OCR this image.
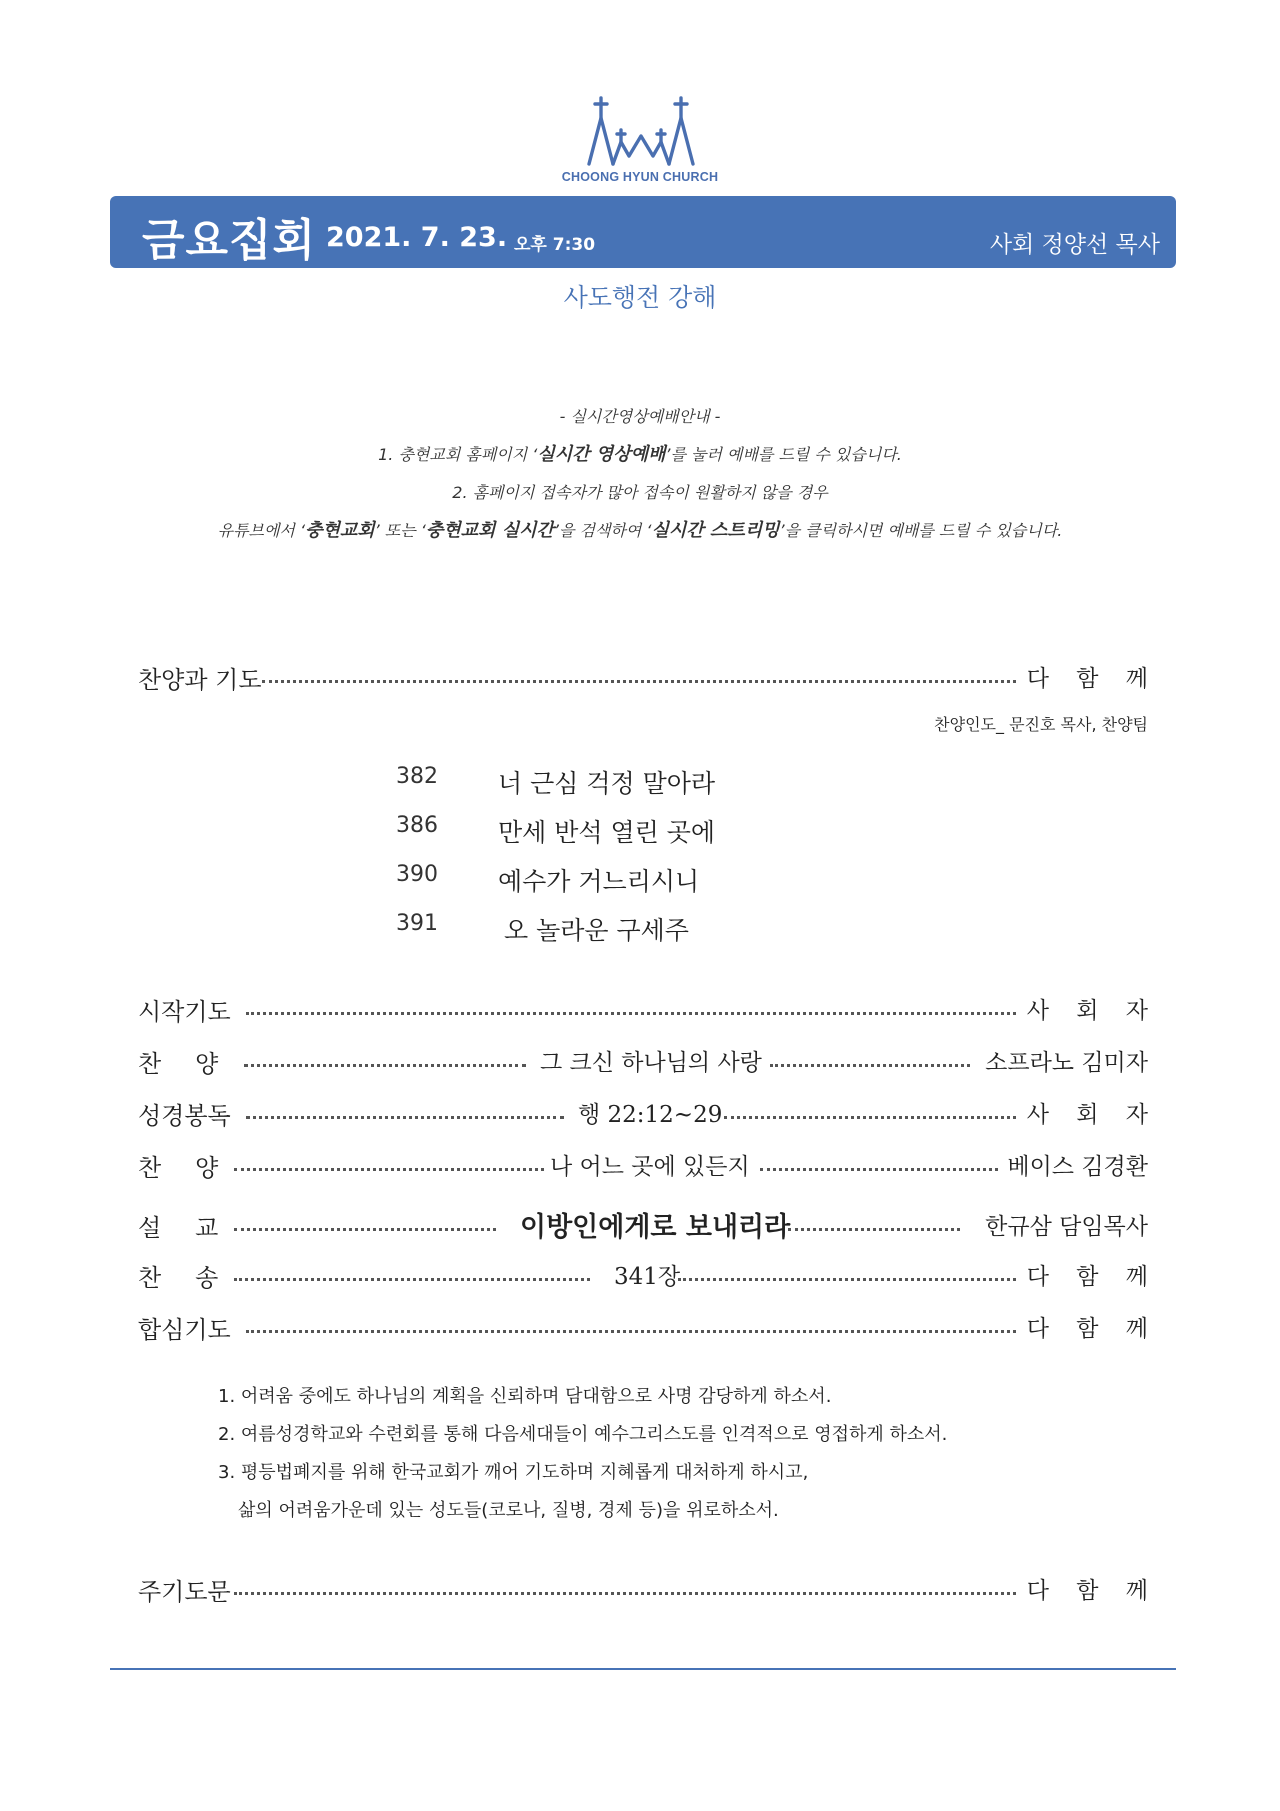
CHOONG HYUN CHURCH
금요집회 2021. 7. 23. 오후 7:30	사회 정양선 목사
사도행전 강해
- 실시간영상예배안내 -
1. 충현교회 홈페이지 ‘실시간 영상예배’를 눌러 예배를 드릴 수 있습니다.
2. 홈페이지 접속자가 많아 접속이 원활하지 않을 경우
유튜브에서 ‘충현교회’ 또는 ‘충현교회 실시간’을 검색하여 ‘실시간 스트리밍’을 클릭하시면 예배를 드릴 수 있습니다.
찬양과 기도	다 함 께
찬양인도_ 문진호 목사, 찬양팀
382 너 근심 걱정 말아라
386 만세 반석 열린 곳에
390 예수가 거느리시니
391	오 놀라운 구세주
시작기도	사 회 자
찬양	그 크신 하나님의 사랑	소프라노 김미자
성경봉독	행 22:12~29	사 회 자
찬양	나 어느 곳에 있든지	베이스 김경환
설교	이방인에게로 보내리라	한규삼 담임목사
찬송	341장	다 함 께
합심기도	다 함 께
1. 어려움 중에도 하나님의 계획을 신뢰하며 담대함으로 사명 감당하게 하소서.
2. 여름성경학교와 수련회를 통해 다음세대들이 예수그리스도를 인격적으로 영접하게 하소서.
3. 평등법폐지를 위해 한국교회가 깨어 기도하며 지혜롭게 대처하게 하시고,
삶의 어려움가운데 있는 성도들(코로나, 질병, 경제 등)을 위로하소서.
주기도문	다 함 께
